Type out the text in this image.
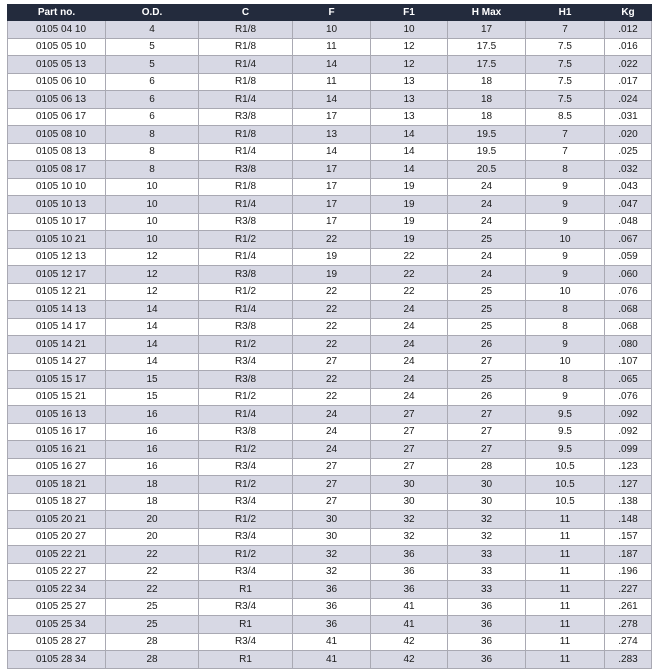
Part no.	O.D.	C	F	F1	H Max	H1	Kg
0105 04 10	4	R1/8	10	10	17	7	.012
0105 05 10	5	R1/8	11	12	17.5	7.5	.016
0105 05 13	5	R1/4	14	12	17.5	7.5	.022
0105 06 10	6	R1/8	11	13	18	7.5	.017
0105 06 13	6	R1/4	14	13	18	7.5	.024
0105 06 17	6	R3/8	17	13	18	8.5	.031
0105 08 10	8	R1/8	13	14	19.5	7	.020
0105 08 13	8	R1/4	14	14	19.5	7	.025
0105 08 17	8	R3/8	17	14	20.5	8	.032
0105 10 10	10	R1/8	17	19	24	9	.043
0105 10 13	10	R1/4	17	19	24	9	.047
0105 10 17	10	R3/8	17	19	24	9	.048
0105 10 21	10	R1/2	22	19	25	10	.067
0105 12 13	12	R1/4	19	22	24	9	.059
0105 12 17	12	R3/8	19	22	24	9	.060
0105 12 21	12	R1/2	22	22	25	10	.076
0105 14 13	14	R1/4	22	24	25	8	.068
0105 14 17	14	R3/8	22	24	25	8	.068
0105 14 21	14	R1/2	22	24	26	9	.080
0105 14 27	14	R3/4	27	24	27	10	.107
0105 15 17	15	R3/8	22	24	25	8	.065
0105 15 21	15	R1/2	22	24	26	9	.076
0105 16 13	16	R1/4	24	27	27	9.5	.092
0105 16 17	16	R3/8	24	27	27	9.5	.092
0105 16 21	16	R1/2	24	27	27	9.5	.099
0105 16 27	16	R3/4	27	27	28	10.5	.123
0105 18 21	18	R1/2	27	30	30	10.5	.127
0105 18 27	18	R3/4	27	30	30	10.5	.138
0105 20 21	20	R1/2	30	32	32	11	.148
0105 20 27	20	R3/4	30	32	32	11	.157
0105 22 21	22	R1/2	32	36	33	11	.187
0105 22 27	22	R3/4	32	36	33	11	.196
0105 22 34	22	R1	36	36	33	11	.227
0105 25 27	25	R3/4	36	41	36	11	.261
0105 25 34	25	R1	36	41	36	11	.278
0105 28 27	28	R3/4	41	42	36	11	.274
0105 28 34	28	R1	41	42	36	11	.283
